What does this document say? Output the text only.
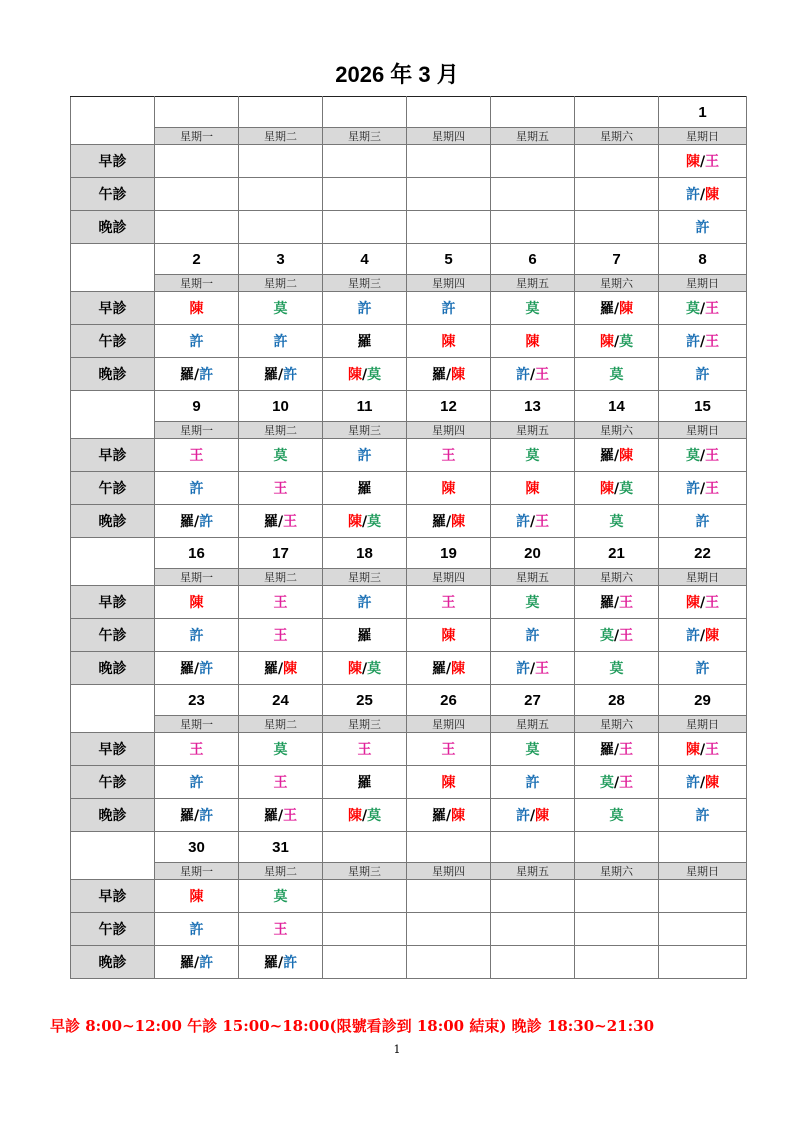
2026 年 3 月
							1
	星期一	星期二	星期三	星期四	星期五	星期六	星期日
早診							陳/王
午診							許/陳
晚診							許
	2	3	4	5	6	7	8
	星期一	星期二	星期三	星期四	星期五	星期六	星期日
早診	陳	莫	許	許	莫	羅/陳	莫/王
午診	許	許	羅	陳	陳	陳/莫	許/王
晚診	羅/許	羅/許	陳/莫	羅/陳	許/王	莫	許
	9	10	11	12	13	14	15
	星期一	星期二	星期三	星期四	星期五	星期六	星期日
早診	王	莫	許	王	莫	羅/陳	莫/王
午診	許	王	羅	陳	陳	陳/莫	許/王
晚診	羅/許	羅/王	陳/莫	羅/陳	許/王	莫	許
	16	17	18	19	20	21	22
	星期一	星期二	星期三	星期四	星期五	星期六	星期日
早診	陳	王	許	王	莫	羅/王	陳/王
午診	許	王	羅	陳	許	莫/王	許/陳
晚診	羅/許	羅/陳	陳/莫	羅/陳	許/王	莫	許
	23	24	25	26	27	28	29
	星期一	星期二	星期三	星期四	星期五	星期六	星期日
早診	王	莫	王	王	莫	羅/王	陳/王
午診	許	王	羅	陳	許	莫/王	許/陳
晚診	羅/許	羅/王	陳/莫	羅/陳	許/陳	莫	許
	30	31					
	星期一	星期二	星期三	星期四	星期五	星期六	星期日
早診	陳	莫					
午診	許	王					
晚診	羅/許	羅/許					
早診 8:00~12:00 午診 15:00~18:00(限號看診到 18:00 結束) 晚診 18:30~21:30
1
